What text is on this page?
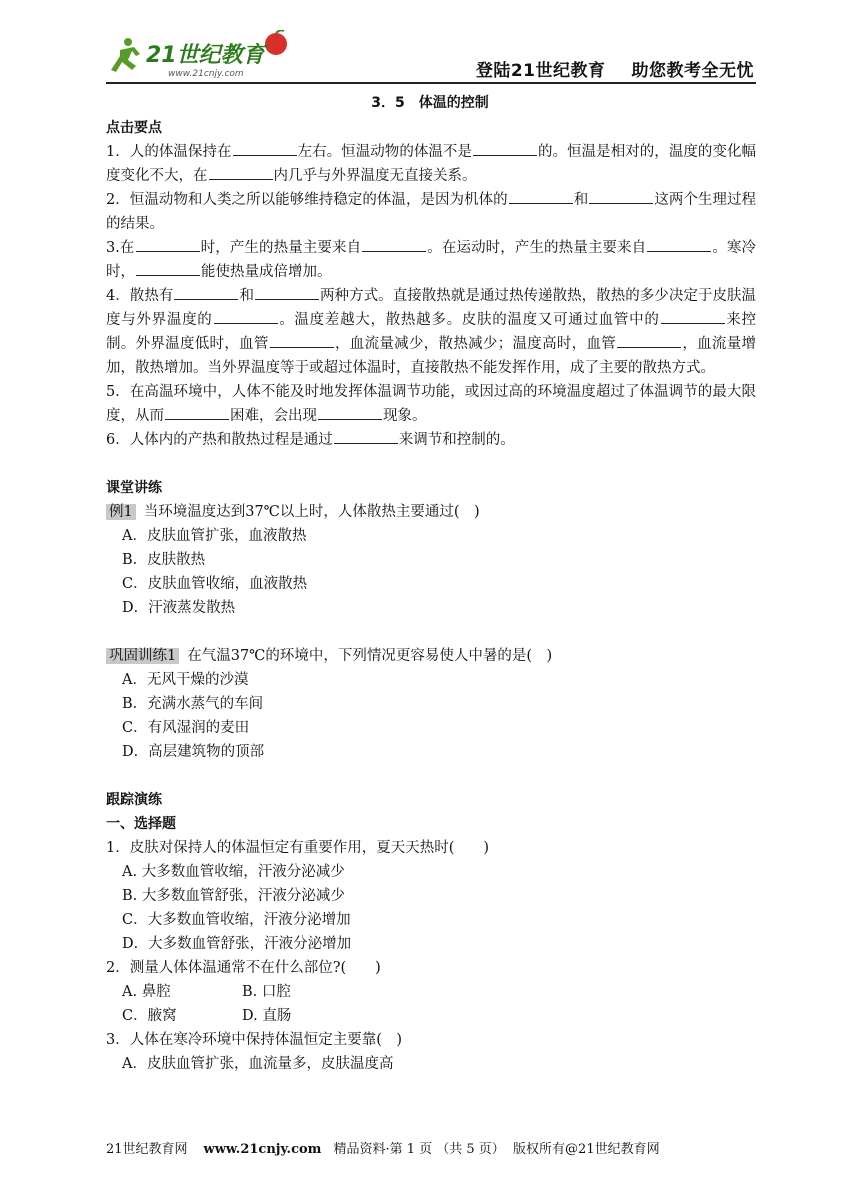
21世纪教育
www.21cnjy.com	登陆21世纪教育 助您教考全无忧
3．5　体温的控制
点击要点

1．人的体温保持在	左右。恒温动物的体温不是	的。恒温是相对的，温度的变化幅度变化不大，在	内几乎与外界温度无直接关系。

2．恒温动物和人类之所以能够维持稳定的体温，是因为机体的	和	这两个生理过程　的结果。

3.在	时，产生的热量主要来自	。在运动时，产生的热量主要来自	。寒冷时，	能使热量成倍增加。

4．散热有	和	两种方式。直接散热就是通过热传递散热，散热的多少决定于皮肤温度与外界温度的	。温度差越大，散热越多。皮肤的温度又可通过血管中的	来控制。外界温度低时，血管	，血流量减少，散热减少；温度高时，血管	，血流量增加，散热增加。当外界温度等于或超过体温时，直接散热不能发挥作用，成了主要的散热方式。

5．在高温环境中，人体不能及时地发挥体温调节功能，或因过高的环境温度超过了体温调节的最大限度，从而	困难，会出现	现象。

6．人体内的产热和散热过程是通过	来调节和控制的。

课堂讲练

例1 当环境温度达到37℃以上时，人体散热主要通过(　)

A．皮肤血管扩张，血液散热

B．皮肤散热

C．皮肤血管收缩，血液散热

D．汗液蒸发散热

巩固训练1 在气温37℃的环境中，下列情况更容易使人中暑的是(　)

A．无风干燥的沙漠

B．充满水蒸气的车间

C．有风湿润的麦田

D．高层建筑物的顶部

跟踪演练
一、选择题

1．皮肤对保持人的体温恒定有重要作用，夏天天热时(　　)

A. 大多数血管收缩，汗液分泌减少

B. 大多数血管舒张，汗液分泌减少

C．大多数血管收缩，汗液分泌增加

D．大多数血管舒张，汗液分泌增加

2．测量人体体温通常不在什么部位?(　　)

A. 鼻腔	B. 口腔

C．腋窝	D. 直肠

3．人体在寒冷环境中保持体温恒定主要靠(　)

A．皮肤血管扩张，血流量多，皮肤温度高

21世纪教育网 www.21cnjy.com 精品资料·第 1 页 （共 5 页） 版权所有@21世纪教育网
